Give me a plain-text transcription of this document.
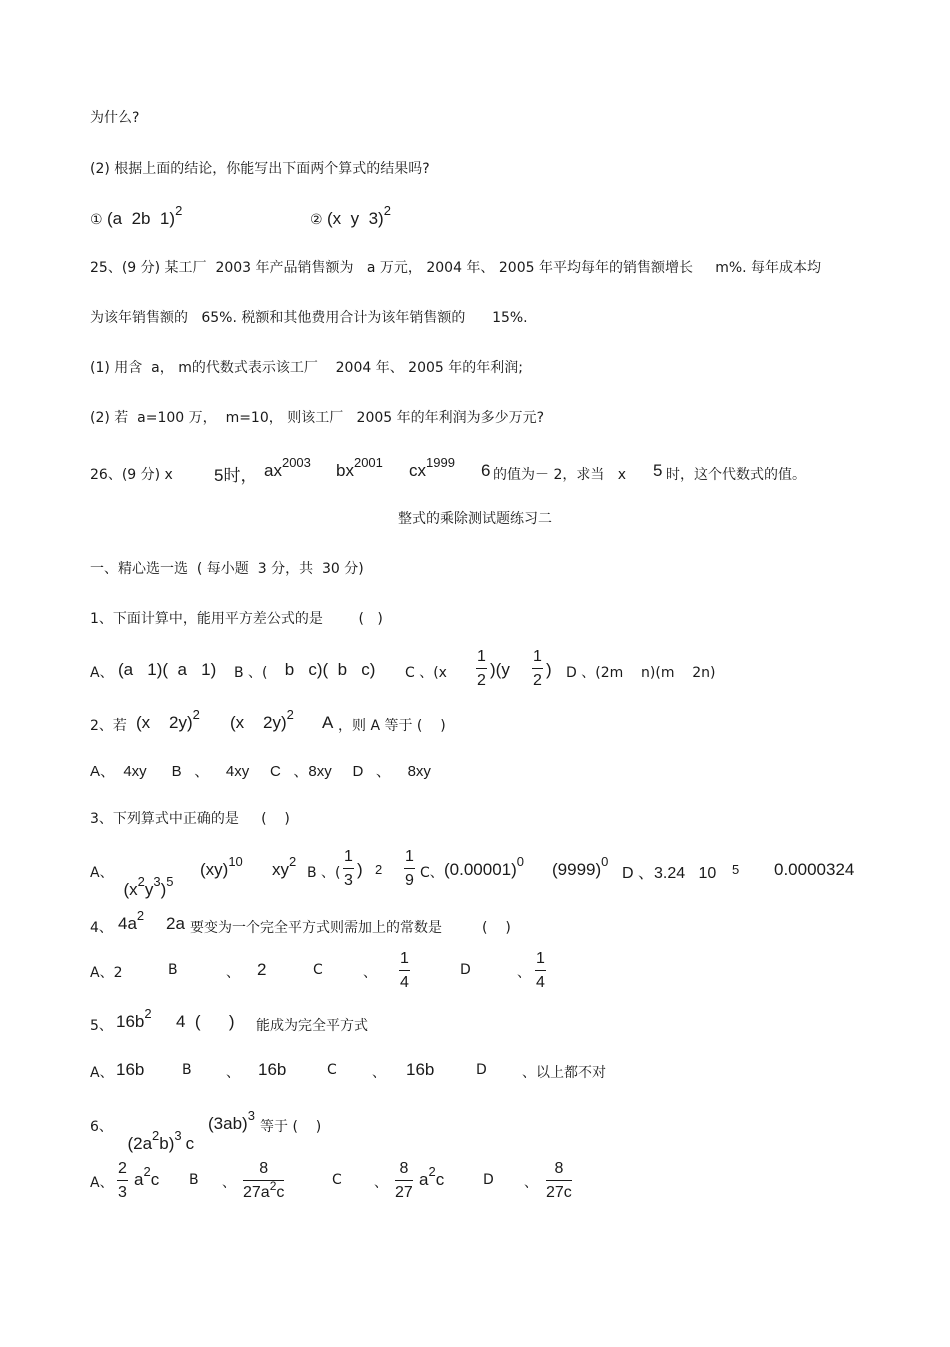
为什么?
(2) 根据上面的结论，你能写出下面两个算式的结果吗?
① (a  2b  1)2
② (x  y  3)2
25、(9 分) 某工厂  2003 年产品销售额为   a 万元， 2004 年、 2005 年平均每年的销售额增长     m%. 每年成本均
为该年销售额的   65%. 税额和其他费用合计为该年销售额的      15%.
(1) 用含  a， m的代数式表示该工厂    2004 年、 2005 年的年利润;
(2) 若  a=100 万，  m=10， 则该工厂   2005 年的年利润为多少万元?
26、(9 分) x 5时， $ax^{2003}$ $bx^{2001}$ $cx^{1999}$ 6 的值为－ 2，求当   x 5 时，这个代数式的值。
整式的乘除测试题练习二
一、精心选一选  ( 每小题  3 分，共  30 分)
1、下面计算中，能用平方差公式的是        (   )
A、 (a   1)(  a   1) B 、( b   c)(  b   c) C 、$(x \frac{1}{2} )(y \frac{1}{2}$ ) D 、(2m    n)(m    2n)
2、若 (x    2y)$^2$ (x    2y)$^2$ A ，则 A 等于 (    )
A、  4xy      B   、    4xy     C   、8xy     D   、    8xy
3、下列算式中正确的是     (    )
A、

$(x^2y^3)^5$

(xy)$^{10}$ $xy^2$
B 、( $\frac{1}{3}$ ) $2 \frac{1}{9}$ C、 $(0.00001)^0$ $(9999)^0$
D 、3.24   10 5 0.0000324
4、 $4a^2$ 2a 要变为一个完全平方式则需加上的常数是         (    )
A、2	B	、 2	C	、 $\frac{1}{4}$	D	、 $\frac{1}{4}$
5、 $16b^2$ 4  (      ) 能成为完全平方式
A、 16b	B 、 16b	C	、 16b	D	、以上都不对
6、

$(2a^2b)^3$ c

$(3ab)^3$
等于 (    )
A、 $\frac{2}{3} a^2c$ B 、 $\frac{8}{27a^2c}$	C 、 $\frac{8}{27} a^2c$	D 、 $\frac{8}{27c}$
